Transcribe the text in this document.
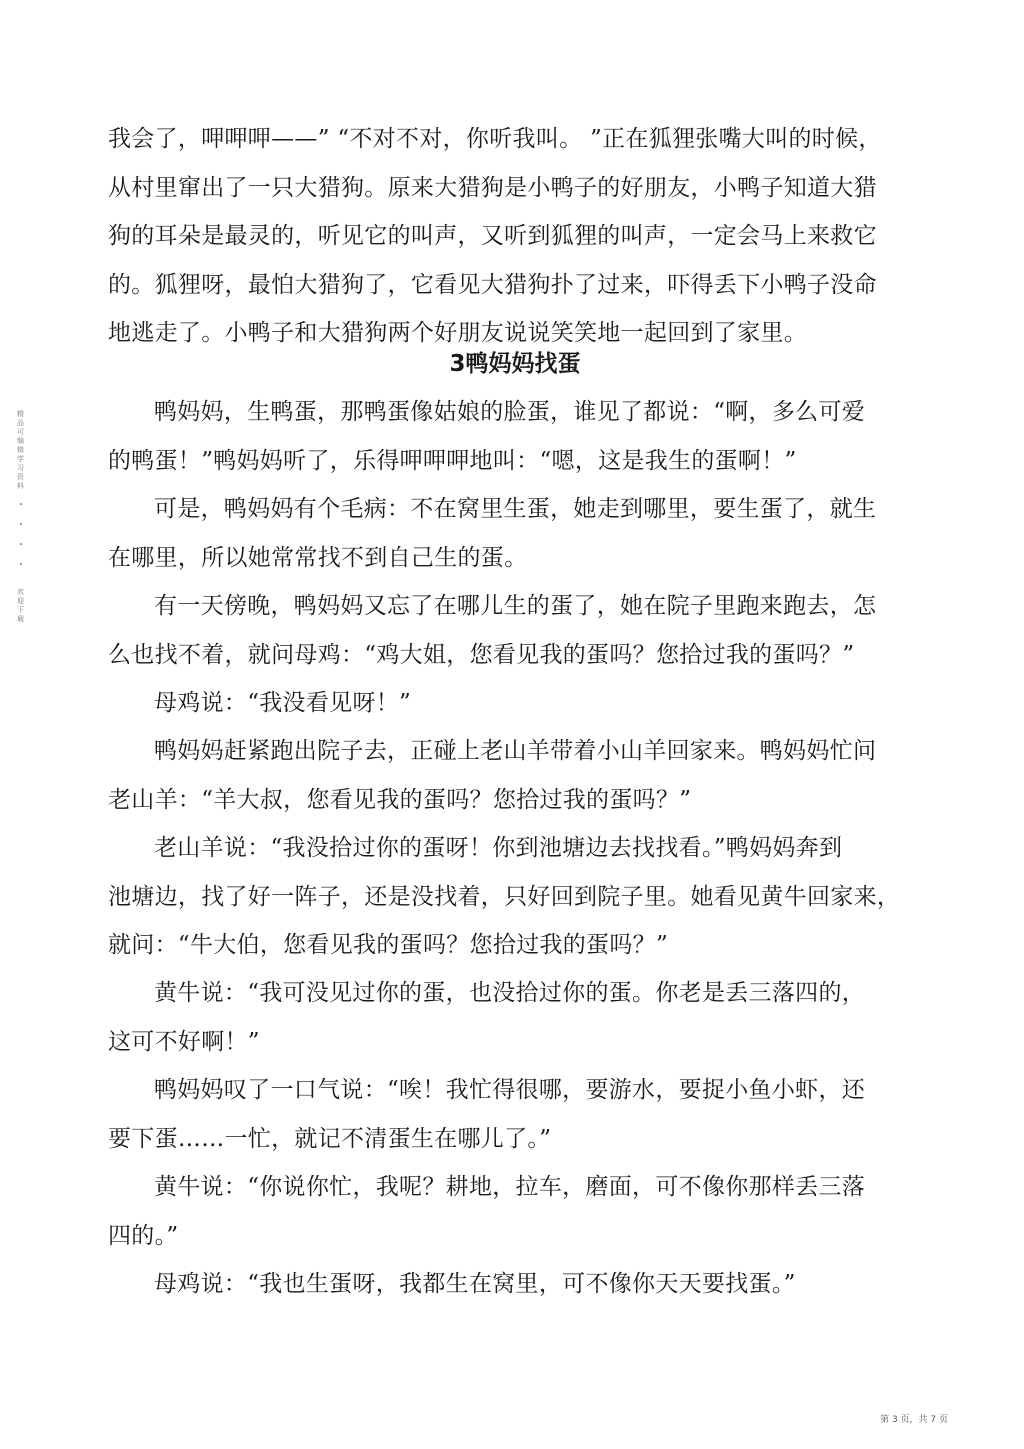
我会了，呷呷呷——” “不对不对，你听我叫。 ”正在狐狸张嘴大叫的时候，
从村里窜出了一只大猎狗。原来大猎狗是小鸭子的好朋友，小鸭子知道大猎
狗的耳朵是最灵的，听见它的叫声，又听到狐狸的叫声，一定会马上来救它
的。狐狸呀，最怕大猎狗了，它看见大猎狗扑了过来，吓得丢下小鸭子没命
地逃走了。小鸭子和大猎狗两个好朋友说说笑笑地一起回到了家里。
3鸭妈妈找蛋
鸭妈妈，生鸭蛋，那鸭蛋像姑娘的脸蛋，谁见了都说：“啊，多么可爱
的鸭蛋！”鸭妈妈听了，乐得呷呷呷地叫：“嗯，这是我生的蛋啊！”
可是，鸭妈妈有个毛病：不在窝里生蛋，她走到哪里，要生蛋了，就生
在哪里，所以她常常找不到自己生的蛋。
有一天傍晚，鸭妈妈又忘了在哪儿生的蛋了，她在院子里跑来跑去，怎
么也找不着，就问母鸡：“鸡大姐，您看见我的蛋吗？您拾过我的蛋吗？”
母鸡说：“我没看见呀！”
鸭妈妈赶紧跑出院子去，正碰上老山羊带着小山羊回家来。鸭妈妈忙问
老山羊：“羊大叔，您看见我的蛋吗？您拾过我的蛋吗？”
老山羊说：“我没拾过你的蛋呀！你到池塘边去找找看。”鸭妈妈奔到
池塘边，找了好一阵子，还是没找着，只好回到院子里。她看见黄牛回家来，
就问：“牛大伯，您看见我的蛋吗？您拾过我的蛋吗？”
黄牛说：“我可没见过你的蛋，也没拾过你的蛋。你老是丢三落四的，
这可不好啊！”
鸭妈妈叹了一口气说：“唉！我忙得很哪，要游水，要捉小鱼小虾，还
要下蛋……一忙，就记不清蛋生在哪儿了。”
黄牛说：“你说你忙，我呢？耕地，拉车，磨面，可不像你那样丢三落
四的。”
母鸡说：“我也生蛋呀，我都生在窝里，可不像你天天要找蛋。”
精品可编辑学习资料
•

•

•

•
欢迎下载
第 3 页，共 7 页
